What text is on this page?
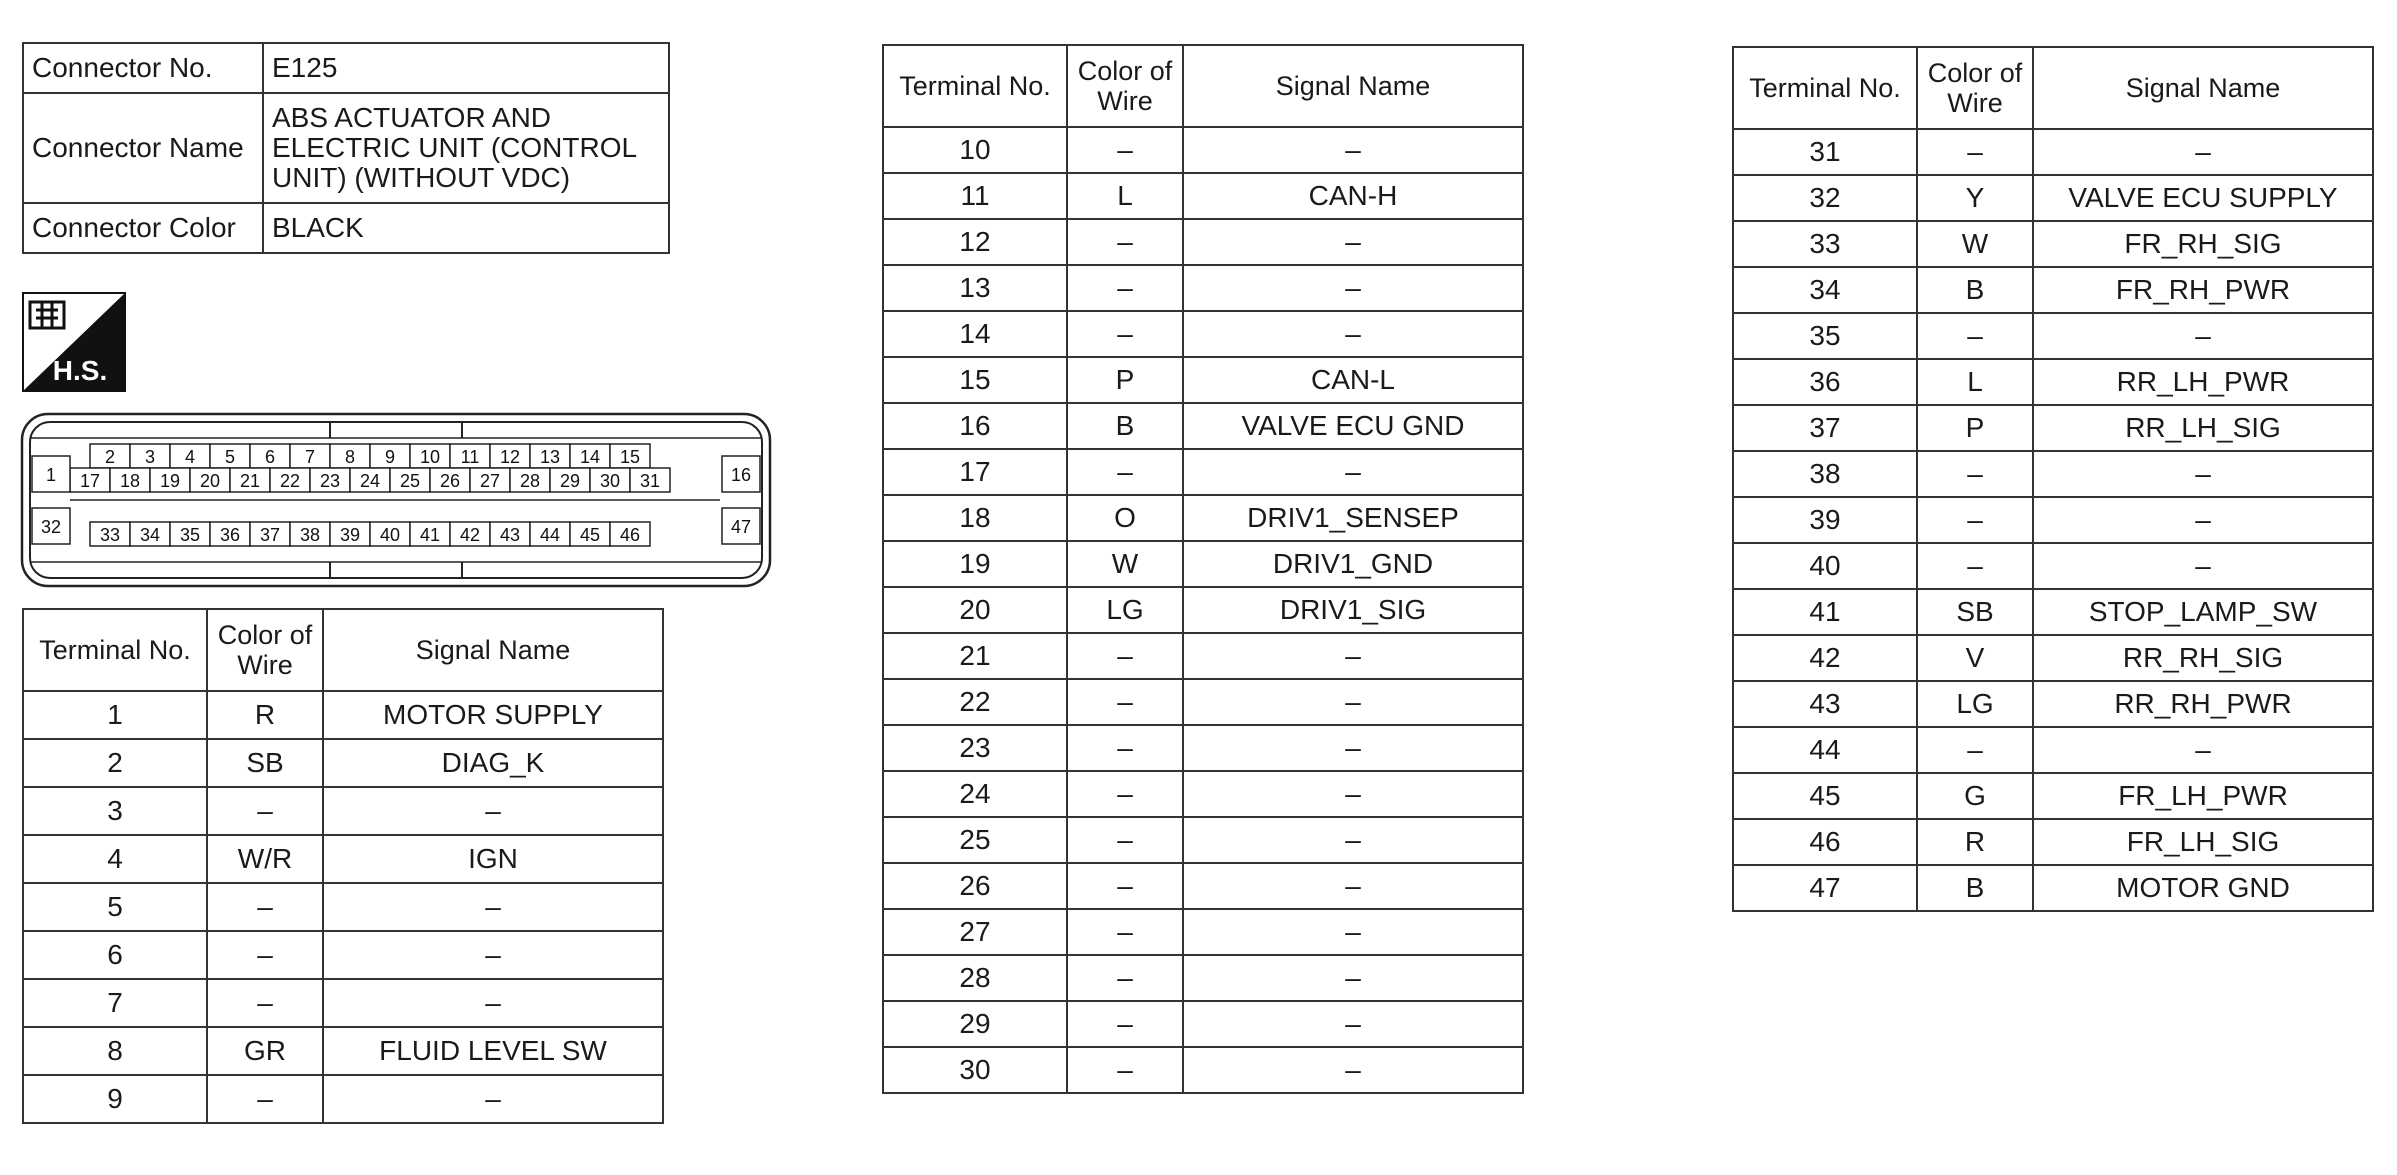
Connector No.	E125
Connector Name	ABS ACTUATOR AND ELECTRIC UNIT (CONTROL UNIT) (WITHOUT VDC)
Connector Color	BLACK
H.S.
2 3 4 5 6 7 8 9 10 11 12 13 14 15
17 18 19 20 21 22 23 24 25 26 27 28 29 30 31
33 34 35 36 37 38 39 40 41 42 43 44 45 46
1
32
16
47
Terminal No.	Color of Wire	Signal Name
1	R	MOTOR SUPPLY
2	SB	DIAG_K
3	–	–
4	W/R	IGN
5	–	–
6	–	–
7	–	–
8	GR	FLUID LEVEL SW
9	–	–
Terminal No.	Color of Wire	Signal Name
10	–	–
11	L	CAN-H
12	–	–
13	–	–
14	–	–
15	P	CAN-L
16	B	VALVE ECU GND
17	–	–
18	O	DRIV1_SENSEP
19	W	DRIV1_GND
20	LG	DRIV1_SIG
21	–	–
22	–	–
23	–	–
24	–	–
25	–	–
26	–	–
27	–	–
28	–	–
29	–	–
30	–	–
Terminal No.	Color of Wire	Signal Name
31	–	–
32	Y	VALVE ECU SUPPLY
33	W	FR_RH_SIG
34	B	FR_RH_PWR
35	–	–
36	L	RR_LH_PWR
37	P	RR_LH_SIG
38	–	–
39	–	–
40	–	–
41	SB	STOP_LAMP_SW
42	V	RR_RH_SIG
43	LG	RR_RH_PWR
44	–	–
45	G	FR_LH_PWR
46	R	FR_LH_SIG
47	B	MOTOR GND
